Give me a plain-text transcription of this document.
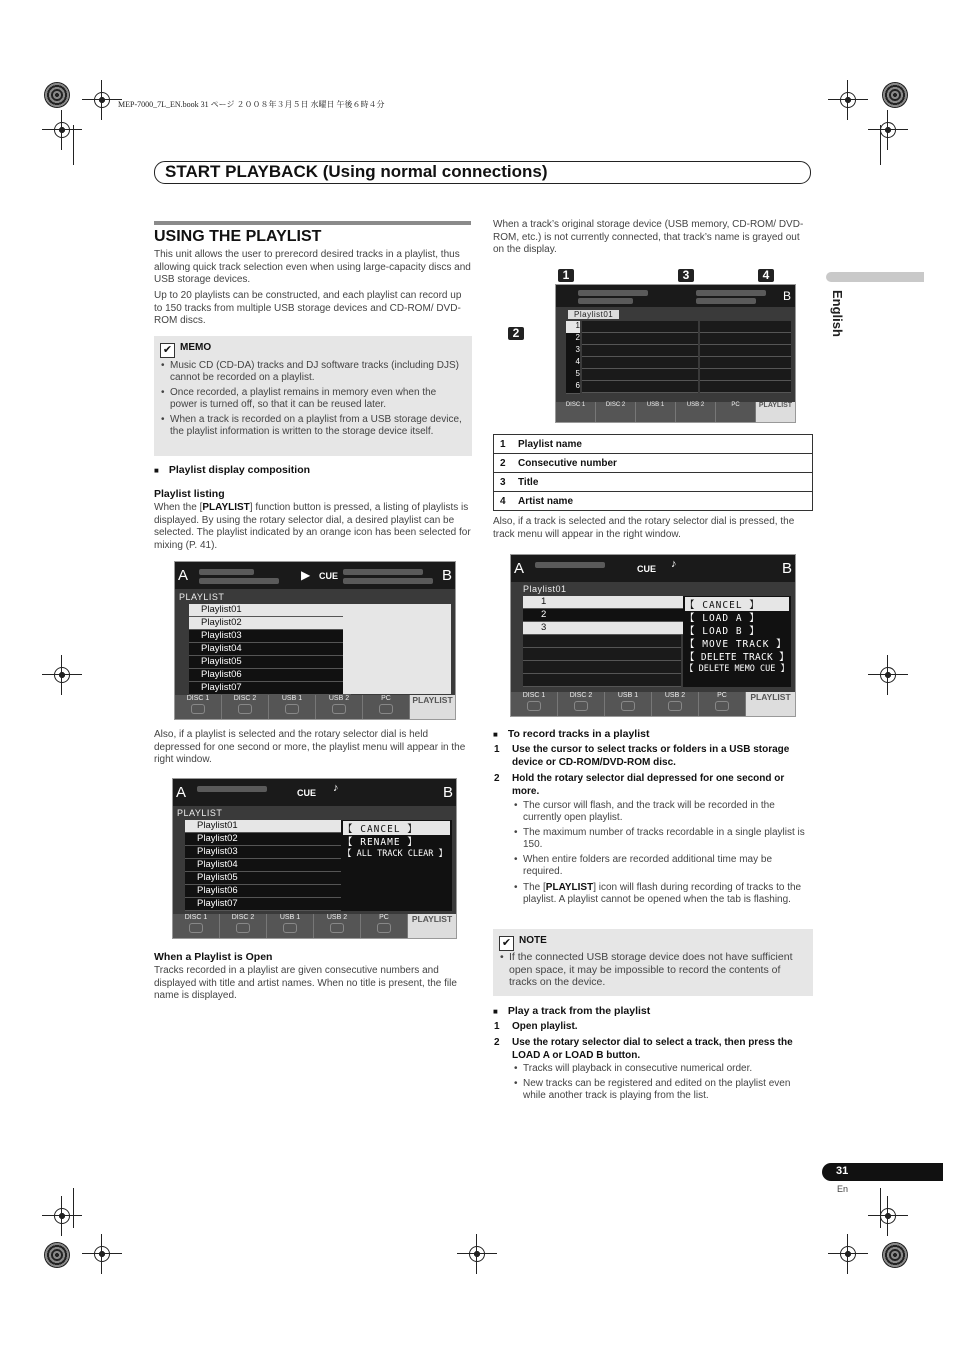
MEP-7000_7L_EN.book 31 ページ ２００８年３月５日 水曜日 午後６時４分
START PLAYBACK (Using normal connections)
English
USING THE PLAYLIST
This unit allows the user to prerecord desired tracks in a playlist, thus allowing quick track selection even when using large-capacity discs and USB storage devices.
Up to 20 playlists can be constructed, and each playlist can record up to 150 tracks from multiple USB storage devices and CD-ROM/ DVD-ROM discs.
✔ MEMO
• Music CD (CD-DA) tracks and DJ software tracks (including DJS) cannot be recorded on a playlist.
• Once recorded, a playlist remains in memory even when the power is turned off, so that it can be reused later.
• When a track is recorded on a playlist from a USB storage device, the playlist information is written to the storage device itself.
■ Playlist display composition
Playlist listing
When the [PLAYLIST] function button is pressed, a listing of playlists is displayed. By using the rotary selector dial, a desired playlist can be selected. The playlist indicated by an orange icon has been selected for mixing (P. 41).
A	▶ CUE	B
PLAYLIST
Playlist01
Playlist02
Playlist03
Playlist04
Playlist05
Playlist06
Playlist07
DISC 1	DISC 2	USB 1	USB 2	PC	PLAYLIST
Also, if a playlist is selected and the rotary selector dial is held depressed for one second or more, the playlist menu will appear in the right window.
A	CUE ♪	B
PLAYLIST
Playlist01
Playlist02
Playlist03
Playlist04
Playlist05
Playlist06
Playlist07
【 CANCEL 】
【 RENAME 】
【 ALL TRACK CLEAR 】
DISC 1	DISC 2	USB 1	USB 2	PC	PLAYLIST
When a Playlist is Open
Tracks recorded in a playlist are given consecutive numbers and displayed with title and artist names. When no title is present, the file name is displayed.
When a track’s original storage device (USB memory, CD-ROM/ DVD-ROM, etc.) is not currently connected, that track’s name is grayed out on the display.
1	3	4
2
B
Playlist01
1
2
3
4
5
6
DISC 1	DISC 2	USB 1	USB 2	PC	PLAYLIST
1	Playlist name
2	Consecutive number
3	Title
4	Artist name
Also, if a track is selected and the rotary selector dial is pressed, the track menu will appear in the right window.
A	CUE ♪	B
Playlist01
1
2
3
【 CANCEL 】
【 LOAD A 】
【 LOAD B 】
【 MOVE TRACK 】
【 DELETE TRACK 】
【 DELETE MEMO CUE 】
DISC 1	DISC 2	USB 1	USB 2	PC	PLAYLIST
■ To record tracks in a playlist
1 Use the cursor to select tracks or folders in a USB storage device or CD-ROM/DVD-ROM disc.
2 Hold the rotary selector dial depressed for one second or more.
• The cursor will flash, and the track will be recorded in the currently open playlist.
• The maximum number of tracks recordable in a single playlist is 150.
• When entire folders are recorded additional time may be required.
• The [PLAYLIST] icon will flash during recording of tracks to the playlist. A playlist cannot be opened when the tab is flashing.
✔ NOTE
• If the connected USB storage device does not have sufficient open space, it may be impossible to record the contents of tracks on the device.
■ Play a track from the playlist
1 Open playlist.
2 Use the rotary selector dial to select a track, then press the LOAD A or LOAD B button.
• Tracks will playback in consecutive numerical order.
• New tracks can be registered and edited on the playlist even while another track is playing from the list.
31
En
